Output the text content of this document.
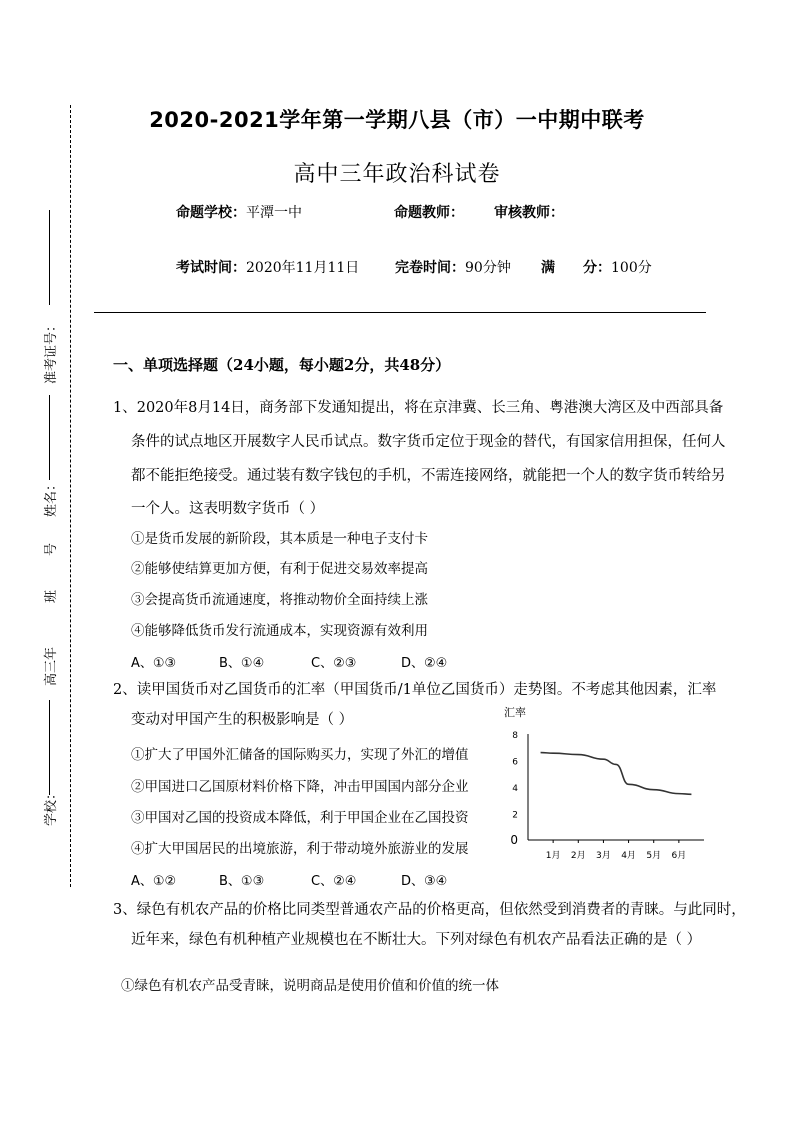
准考证号：
姓名：
号
班
高三年
学校：
2020-2021学年第一学期八县（市）一中期中联考
高中三年政治科试卷
命题学校：平潭一中	命题教师： 审核教师：
考试时间：2020年11月11日	完卷时间：90分钟 满 分：100分
一、单项选择题（24小题，每小题2分，共48分）
1、2020年8月14日，商务部下发通知提出，将在京津冀、长三角、粤港澳大湾区及中西部具备
条件的试点地区开展数字人民币试点。数字货币定位于现金的替代，有国家信用担保，任何人
都不能拒绝接受。通过装有数字钱包的手机，不需连接网络，就能把一个人的数字货币转给另
一个人。这表明数字货币（ ）
①是货币发展的新阶段，其本质是一种电子支付卡
②能够使结算更加方便，有利于促进交易效率提高
③会提高货币流通速度，将推动物价全面持续上涨
④能够降低货币发行流通成本，实现资源有效利用
A、①③	B、①④	C、②③	D、②④
2、读甲国货币对乙国货币的汇率（甲国货币/1单位乙国货币）走势图。不考虑其他因素，汇率
变动对甲国产生的积极影响是（ ）
①扩大了甲国外汇储备的国际购买力，实现了外汇的增值
②甲国进口乙国原材料价格下降，冲击甲国国内部分企业
③甲国对乙国的投资成本降低，利于甲国企业在乙国投资
④扩大甲国居民的出境旅游，利于带动境外旅游业的发展
A、①②	B、①③	C、②④	D、③④
汇率
0
2
4
6
8
1月 2月 3月 4月 5月 6月
3、绿色有机农产品的价格比同类型普通农产品的价格更高，但依然受到消费者的青睐。与此同时，
近年来，绿色有机种植产业规模也在不断壮大。下列对绿色有机农产品看法正确的是（ ）
①绿色有机农产品受青睐，说明商品是使用价值和价值的统一体
